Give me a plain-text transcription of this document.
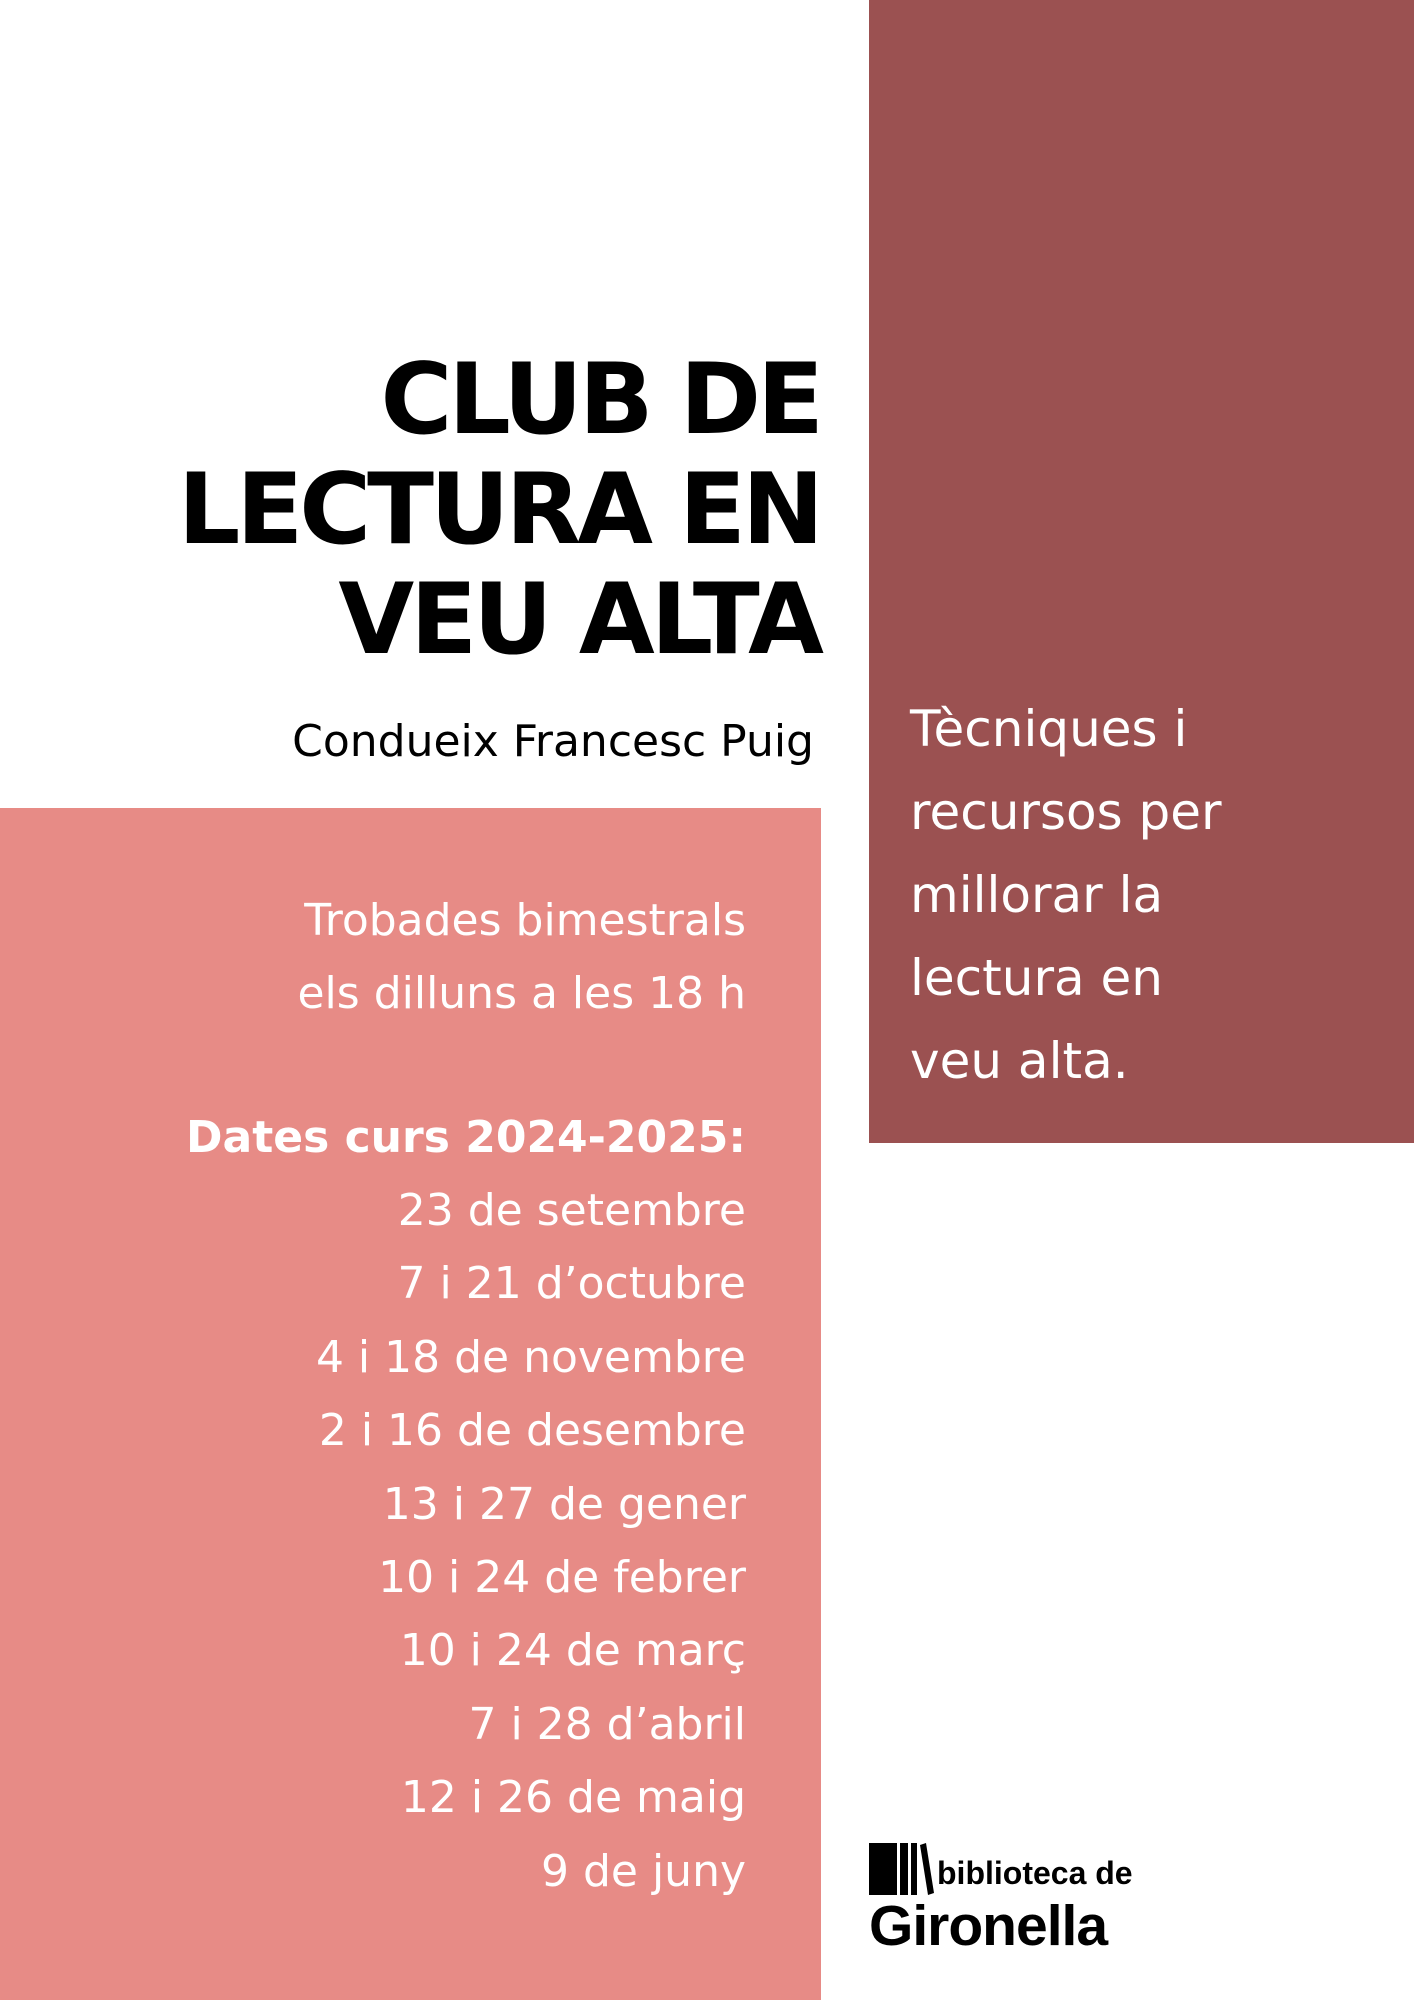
CLUB DE
LECTURA EN
VEU ALTA
Condueix Francesc Puig Tècniques i
recursos per
millorar la
lectura en
veu alta.
Trobades bimestrals
els dilluns a les 18 h
Dates curs 2024-2025:
23 de setembre
7 i 21 d’octubre
4 i 18 de novembre
2 i 16 de desembre
13 i 27 de gener
10 i 24 de febrer
10 i 24 de març
7 i 28 d’abril
12 i 26 de maig
9 de juny	biblioteca de
Gironella
